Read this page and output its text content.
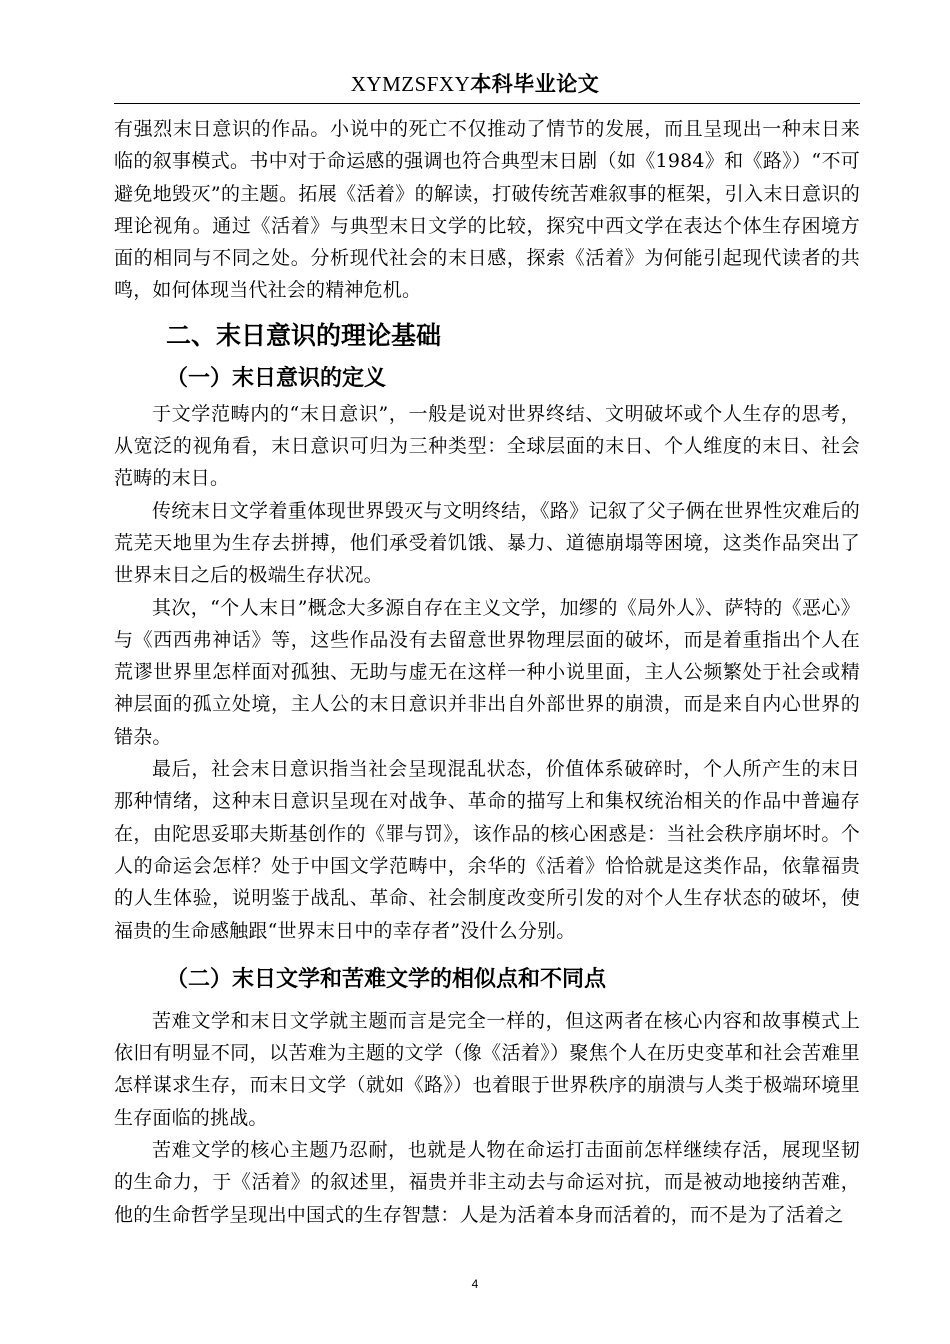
XYMZSFXY本科毕业论文

有强烈末日意识的作品。小说中的死亡不仅推动了情节的发展，而且呈现出一种末日来临的叙事模式。书中对于命运感的强调也符合典型末日剧（如《1984》和《路》）“不可避免地毁灭”的主题。拓展《活着》的解读，打破传统苦难叙事的框架，引入末日意识的理论视角。通过《活着》与典型末日文学的比较，探究中西文学在表达个体生存困境方面的相同与不同之处。分析现代社会的末日感，探索《活着》为何能引起现代读者的共鸣，如何体现当代社会的精神危机。

二、末日意识的理论基础
（一）末日意识的定义

于文学范畴内的“末日意识”，一般是说对世界终结、文明破坏或个人生存的思考，从宽泛的视角看，末日意识可归为三种类型：全球层面的末日、个人维度的末日、社会范畴的末日。

传统末日文学着重体现世界毁灭与文明终结，《路》记叙了父子俩在世界性灾难后的荒芜天地里为生存去拼搏，他们承受着饥饿、暴力、道德崩塌等困境，这类作品突出了世界末日之后的极端生存状况。

其次，“个人末日”概念大多源自存在主义文学，加缪的《局外人》、萨特的《恶心》与《西西弗神话》等，这些作品没有去留意世界物理层面的破坏，而是着重指出个人在荒谬世界里怎样面对孤独、无助与虚无在这样一种小说里面，主人公频繁处于社会或精神层面的孤立处境，主人公的末日意识并非出自外部世界的崩溃，而是来自内心世界的错杂。

最后，社会末日意识指当社会呈现混乱状态，价值体系破碎时，个人所产生的末日那种情绪，这种末日意识呈现在对战争、革命的描写上和集权统治相关的作品中普遍存在，由陀思妥耶夫斯基创作的《罪与罚》，该作品的核心困惑是：当社会秩序崩坏时。个人的命运会怎样？处于中国文学范畴中，余华的《活着》恰恰就是这类作品，依靠福贵的人生体验，说明鉴于战乱、革命、社会制度改变所引发的对个人生存状态的破坏，使福贵的生命感触跟“世界末日中的幸存者”没什么分别。

（二）末日文学和苦难文学的相似点和不同点

苦难文学和末日文学就主题而言是完全一样的，但这两者在核心内容和故事模式上依旧有明显不同，以苦难为主题的文学（像《活着》）聚焦个人在历史变革和社会苦难里怎样谋求生存，而末日文学（就如《路》）也着眼于世界秩序的崩溃与人类于极端环境里生存面临的挑战。

苦难文学的核心主题乃忍耐，也就是人物在命运打击面前怎样继续存活，展现坚韧的生命力，于《活着》的叙述里，福贵并非主动去与命运对抗，而是被动地接纳苦难，他的生命哲学呈现出中国式的生存智慧：人是为活着本身而活着的，而不是为了活着之

4
